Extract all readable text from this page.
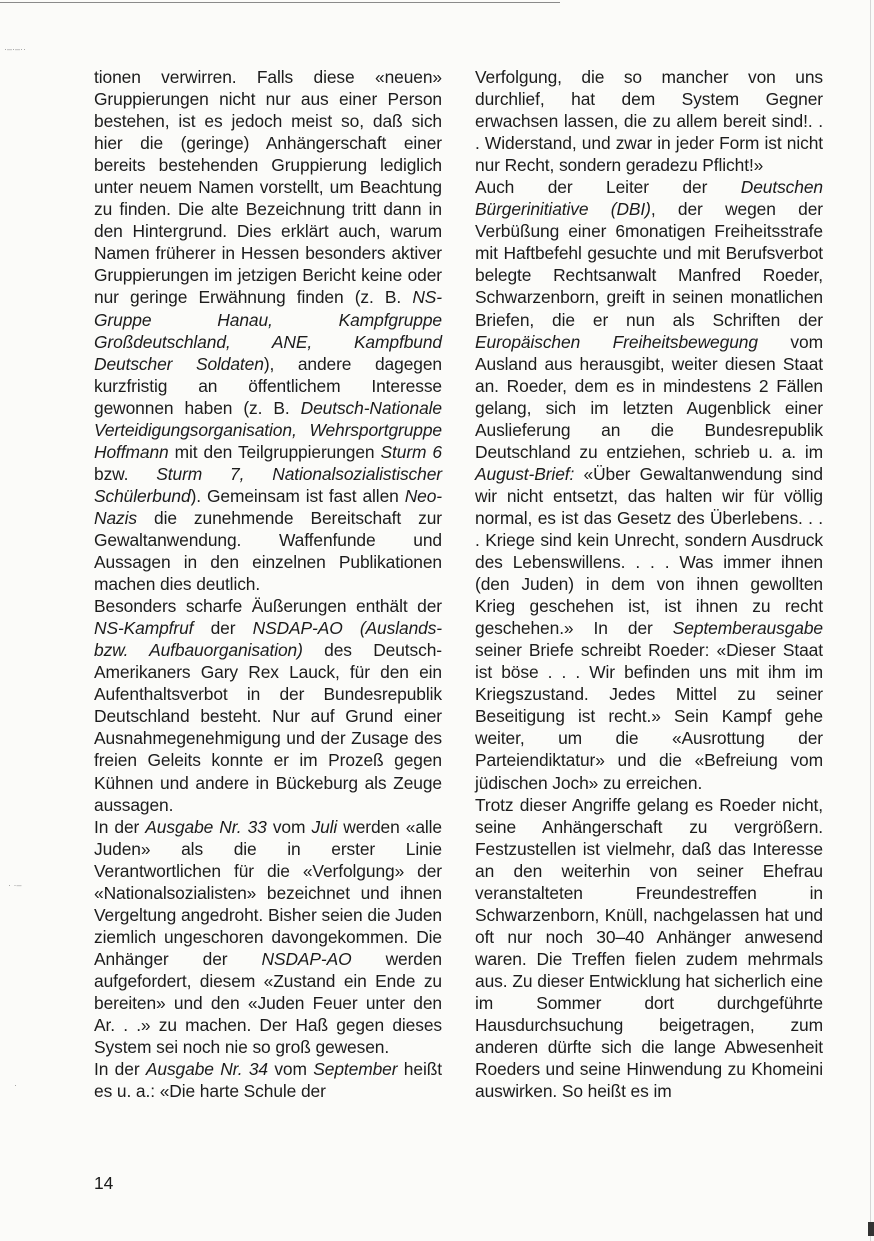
·–·–··
· ·–
·

tionen verwirren. Falls diese «neuen» Gruppierungen nicht nur aus einer Person bestehen, ist es jedoch meist so, daß sich hier die (geringe) Anhängerschaft einer bereits bestehenden Gruppierung lediglich unter neuem Namen vorstellt, um Beachtung zu finden. Die alte Bezeichnung tritt dann in den Hintergrund. Dies erklärt auch, warum Namen früherer in Hessen besonders aktiver Gruppierungen im jetzigen Bericht keine oder nur geringe Erwähnung finden (z. B. NS-Gruppe Hanau, Kampfgruppe Großdeutschland, ANE, Kampfbund Deutscher Soldaten), andere dagegen kurzfristig an öffentlichem Interesse gewonnen haben (z. B. Deutsch-Nationale Verteidigungsorganisation, Wehrsportgruppe Hoffmann mit den Teilgruppierungen Sturm 6 bzw. Sturm 7, Nationalsozialistischer Schülerbund). Gemeinsam ist fast allen Neo-Nazis die zunehmende Bereitschaft zur Gewaltanwendung. Waffenfunde und Aussagen in den einzelnen Publikationen machen dies deutlich.

Besonders scharfe Äußerungen enthält der NS-Kampfruf der NSDAP-AO (Auslands- bzw. Aufbauorganisation) des Deutsch-Amerikaners Gary Rex Lauck, für den ein Aufenthaltsverbot in der Bundesrepublik Deutschland besteht. Nur auf Grund einer Ausnahmegenehmigung und der Zusage des freien Geleits konnte er im Prozeß gegen Kühnen und andere in Bückeburg als Zeuge aussagen.

In der Ausgabe Nr. 33 vom Juli werden «alle Juden» als die in erster Linie Verantwortlichen für die «Verfolgung» der «Nationalsozialisten» bezeichnet und ihnen Vergeltung angedroht. Bisher seien die Juden ziemlich ungeschoren davongekommen. Die Anhänger der NSDAP-AO werden aufgefordert, diesem «Zustand ein Ende zu bereiten» und den «Juden Feuer unter den Ar. . .» zu machen. Der Haß gegen dieses System sei noch nie so groß gewesen.

In der Ausgabe Nr. 34 vom September heißt es u. a.: «Die harte Schule der

Verfolgung, die so mancher von uns durchlief, hat dem System Gegner erwachsen lassen, die zu allem bereit sind!. . . Widerstand, und zwar in jeder Form ist nicht nur Recht, sondern geradezu Pflicht!»

Auch der Leiter der Deutschen Bürgerinitiative (DBI), der wegen der Verbüßung einer 6monatigen Freiheitsstrafe mit Haftbefehl gesuchte und mit Berufsverbot belegte Rechtsanwalt Manfred Roeder, Schwarzenborn, greift in seinen monatlichen Briefen, die er nun als Schriften der Europäischen Freiheitsbewegung vom Ausland aus herausgibt, weiter diesen Staat an. Roeder, dem es in mindestens 2 Fällen gelang, sich im letzten Augenblick einer Auslieferung an die Bundesrepublik Deutschland zu entziehen, schrieb u. a. im August-Brief: «Über Gewaltanwendung sind wir nicht entsetzt, das halten wir für völlig normal, es ist das Gesetz des Überlebens. . . . Kriege sind kein Unrecht, sondern Ausdruck des Lebenswillens. . . . Was immer ihnen (den Juden) in dem von ihnen gewollten Krieg geschehen ist, ist ihnen zu recht geschehen.» In der Septemberausgabe seiner Briefe schreibt Roeder: «Dieser Staat ist böse . . . Wir befinden uns mit ihm im Kriegszustand. Jedes Mittel zu seiner Beseitigung ist recht.» Sein Kampf gehe weiter, um die «Ausrottung der Parteiendiktatur» und die «Befreiung vom jüdischen Joch» zu erreichen.

Trotz dieser Angriffe gelang es Roeder nicht, seine Anhängerschaft zu vergrößern. Festzustellen ist vielmehr, daß das Interesse an den weiterhin von seiner Ehefrau veranstalteten Freundestreffen in Schwarzenborn, Knüll, nachgelassen hat und oft nur noch 30–40 Anhänger anwesend waren. Die Treffen fielen zudem mehrmals aus. Zu dieser Entwicklung hat sicherlich eine im Sommer dort durchgeführte Hausdurchsuchung beigetragen, zum anderen dürfte sich die lange Abwesenheit Roeders und seine Hinwendung zu Khomeini auswirken. So heißt es im

14
